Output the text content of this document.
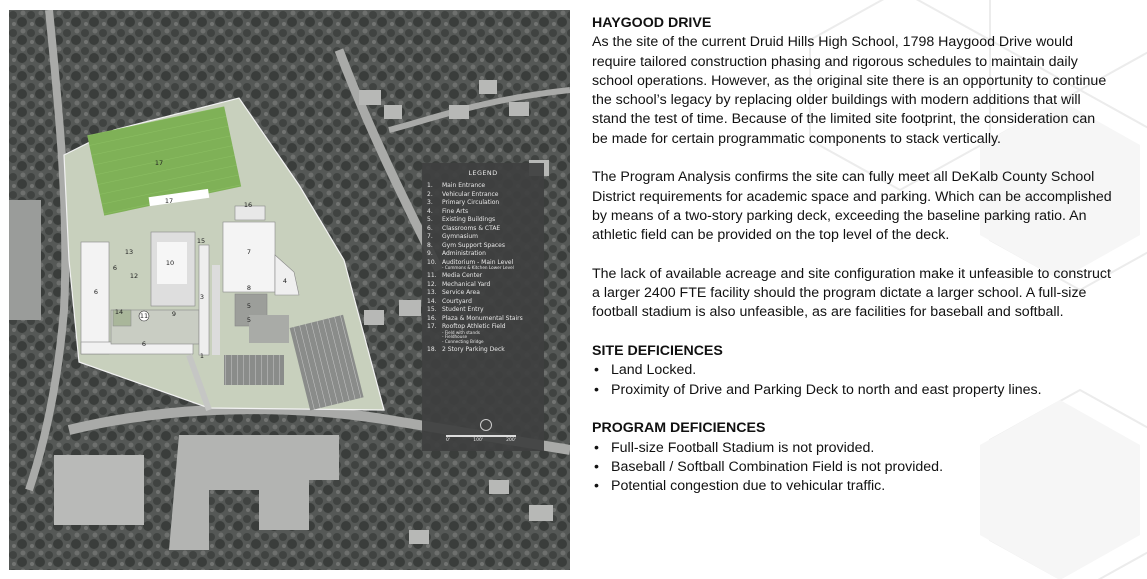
17
17	16
13
6
12
10
15
7
4
6	8
3
5
14	11	9
5
6
1
LEGEND
1.	Main Entrance
2.	Vehicular Entrance
3.	Primary Circulation
4.	Fine Arts
5.	Existing Buildings
6.	Classrooms & CTAE
7.	Gymnasium
8.	Gym Support Spaces
9.	Administration
10. Auditorium - Main Level
- Commons & Kitchen Lower Level
11. Media Center
12. Mechanical Yard
13. Service Area
14. Courtyard
15. Student Entry
16. Plaza & Monumental Stairs
17. Rooftop Athletic Field
- Field with stands
- Fieldhouse
- Connecting Bridge
18. 2 Story Parking Deck
0'	100'	200'
HAYGOOD DRIVE

As the site of the current Druid Hills High School, 1798 Haygood Drive would require tailored construction phasing and rigorous schedules to maintain daily school operations. However, as the original site there is an opportunity to continue the school’s legacy by replacing older buildings with modern additions that will stand the test of time. Because of the limited site footprint, the consideration can be made for certain programmatic components to stack vertically.

The Program Analysis confirms the site can fully meet all DeKalb County School District requirements for academic space and parking. Which can be accomplished by means of a two-story parking deck, exceeding the baseline parking ratio. An athletic field can be provided on the top level of the deck.

The lack of available acreage and site configuration make it unfeasible to construct a larger 2400 FTE facility should the program dictate a larger school. A full-size football stadium is also unfeasible, as are facilities for baseball and softball.

SITE DEFICIENCES
• Land Locked.
• Proximity of Drive and Parking Deck to north and east property lines.
PROGRAM DEFICIENCES
• Full-size Football Stadium is not provided.
• Baseball / Softball Combination Field is not provided.
• Potential congestion due to vehicular traffic.
